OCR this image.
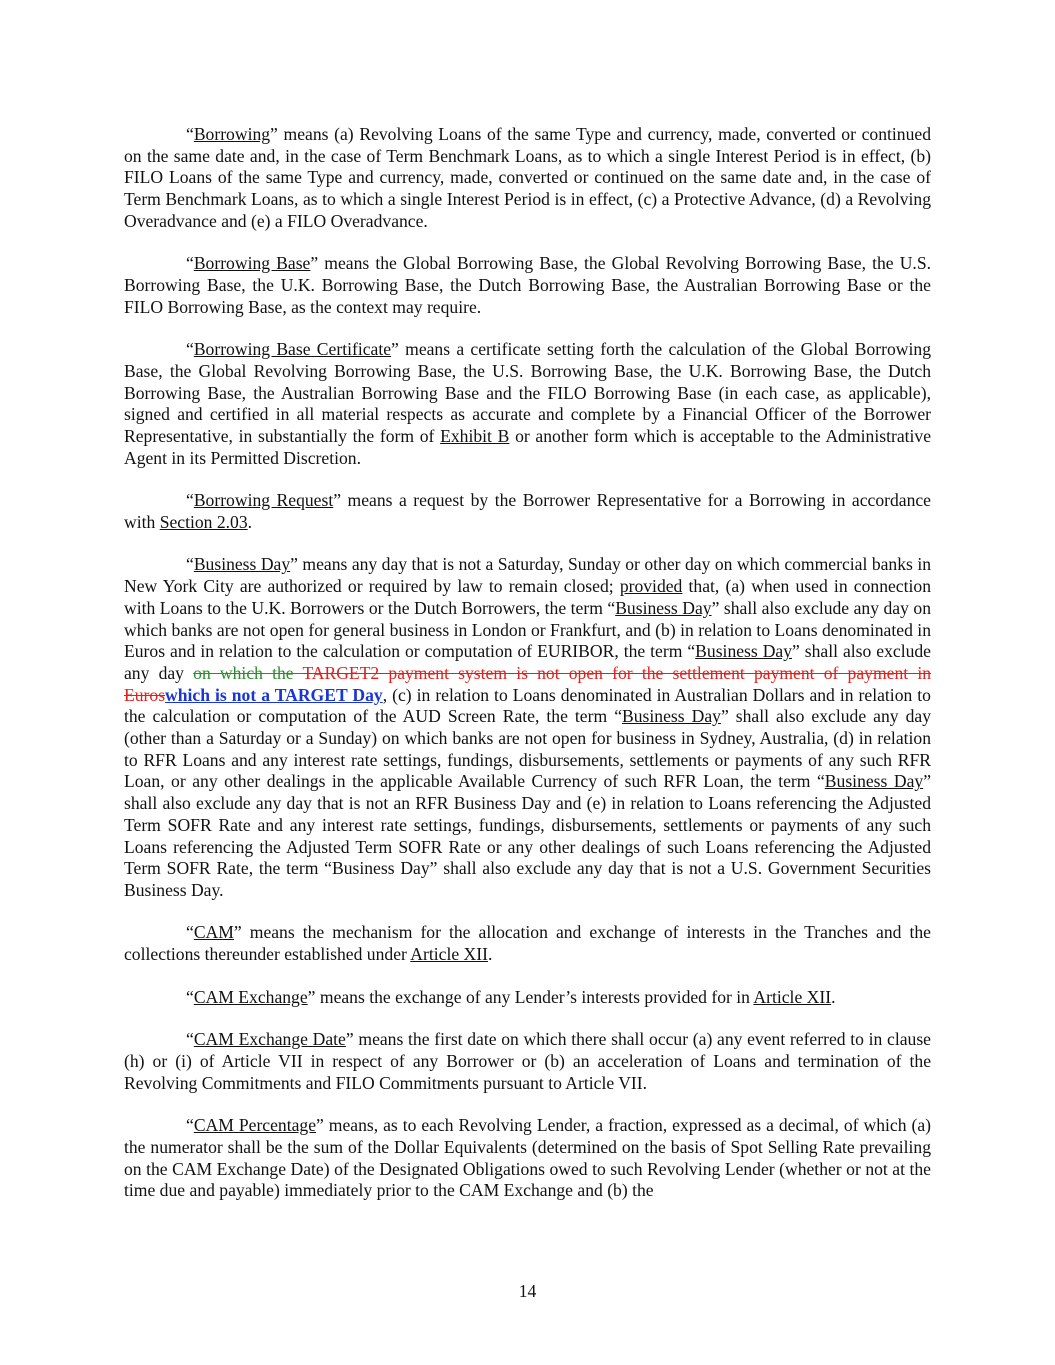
“Borrowing” means (a) Revolving Loans of the same Type and currency, made, converted or continued on the same date and, in the case of Term Benchmark Loans, as to which a single Interest Period is in effect, (b) FILO Loans of the same Type and currency, made, converted or continued on the same date and, in the case of Term Benchmark Loans, as to which a single Interest Period is in effect, (c) a Protective Advance, (d) a Revolving Overadvance and (e) a FILO Overadvance.

“Borrowing Base” means the Global Borrowing Base, the Global Revolving Borrowing Base, the U.S. Borrowing Base, the U.K. Borrowing Base, the Dutch Borrowing Base, the Australian Borrowing Base or the FILO Borrowing Base, as the context may require.

“Borrowing Base Certificate” means a certificate setting forth the calculation of the Global Borrowing Base, the Global Revolving Borrowing Base, the U.S. Borrowing Base, the U.K. Borrowing Base, the Dutch Borrowing Base, the Australian Borrowing Base and the FILO Borrowing Base (in each case, as applicable), signed and certified in all material respects as accurate and complete by a Financial Officer of the Borrower Representative, in substantially the form of Exhibit B or another form which is acceptable to the Administrative Agent in its Permitted Discretion.

“Borrowing Request” means a request by the Borrower Representative for a Borrowing in accordance with Section 2.03.

“Business Day” means any day that is not a Saturday, Sunday or other day on which commercial banks in New York City are authorized or required by law to remain closed; provided that, (a) when used in connection with Loans to the U.K. Borrowers or the Dutch Borrowers, the term “Business Day” shall also exclude any day on which banks are not open for general business in London or Frankfurt, and (b) in relation to Loans denominated in Euros and in relation to the calculation or computation of EURIBOR, the term “Business Day” shall also exclude any day on which the TARGET2 payment system is not open for the settlement payment of payment in Euroswhich is not a TARGET Day, (c) in relation to Loans denominated in Australian Dollars and in relation to the calculation or computation of the AUD Screen Rate, the term “Business Day” shall also exclude any day (other than a Saturday or a Sunday) on which banks are not open for business in Sydney, Australia, (d) in relation to RFR Loans and any interest rate settings, fundings, disbursements, settlements or payments of any such RFR Loan, or any other dealings in the applicable Available Currency of such RFR Loan, the term “Business Day” shall also exclude any day that is not an RFR Business Day and (e) in relation to Loans referencing the Adjusted Term SOFR Rate and any interest rate settings, fundings, disbursements, settlements or payments of any such Loans referencing the Adjusted Term SOFR Rate or any other dealings of such Loans referencing the Adjusted Term SOFR Rate, the term “Business Day” shall also exclude any day that is not a U.S. Government Securities Business Day.

“CAM” means the mechanism for the allocation and exchange of interests in the Tranches and the collections thereunder established under Article XII.

“CAM Exchange” means the exchange of any Lender’s interests provided for in Article XII.

“CAM Exchange Date” means the first date on which there shall occur (a) any event referred to in clause (h) or (i) of Article VII in respect of any Borrower or (b) an acceleration of Loans and termination of the Revolving Commitments and FILO Commitments pursuant to Article VII.

“CAM Percentage” means, as to each Revolving Lender, a fraction, expressed as a decimal, of which (a) the numerator shall be the sum of the Dollar Equivalents (determined on the basis of Spot Selling Rate prevailing on the CAM Exchange Date) of the Designated Obligations owed to such Revolving Lender (whether or not at the time due and payable) immediately prior to the CAM Exchange and (b) the

14
